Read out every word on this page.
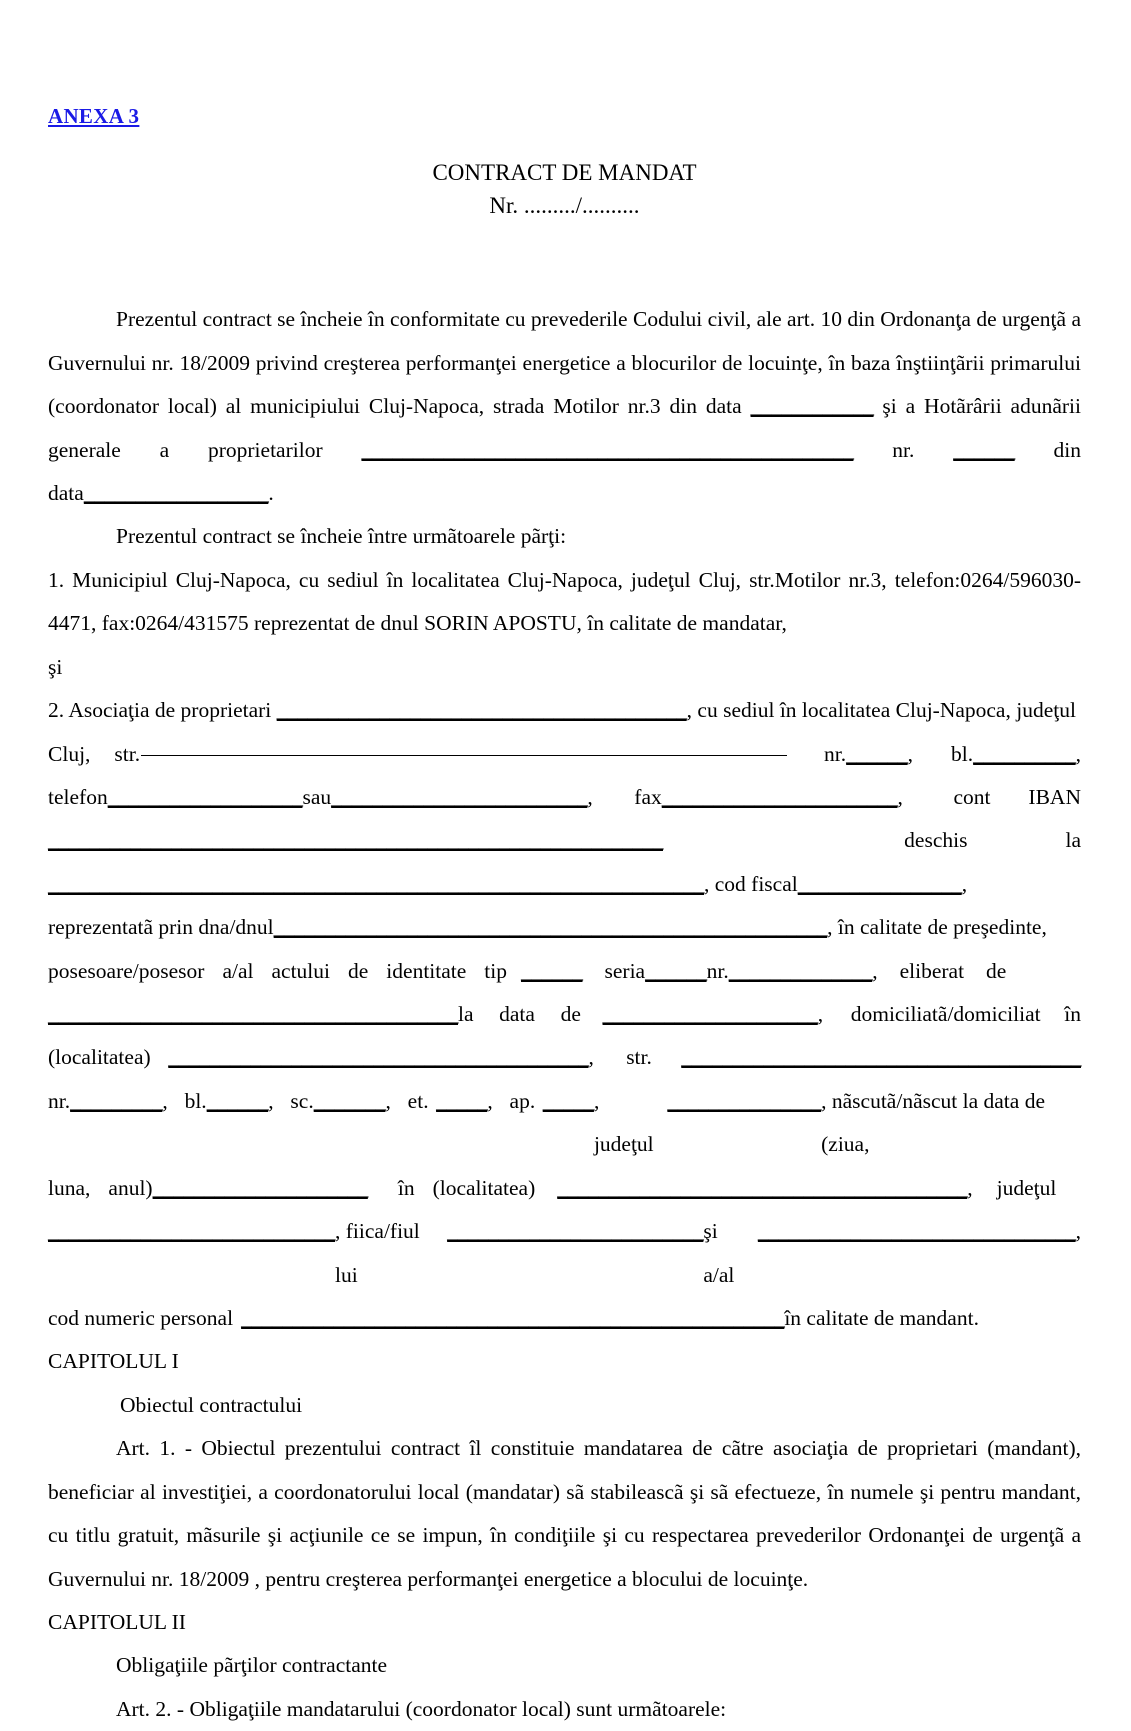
ANEXA 3
CONTRACT DE MANDAT
Nr. ........./..........

Prezentul contract se încheie în conformitate cu prevederile Codului civil, ale art. 10 din Ordonanţa de urgenţã a Guvernului nr. 18/2009 privind creşterea performanţei energetice a blocurilor de locuinţe, în baza înştiinţãrii primarului (coordonator local) al municipiului Cluj-Napoca, strada Motilor nr.3 din data ____________ şi a Hotãrârii adunãrii generale a proprietarilor ________________________________________________ nr. ______ din data__________________.

Prezentul contract se încheie între urmãtoarele pãrţi:

1. Municipiul Cluj-Napoca, cu sediul în localitatea Cluj-Napoca, judeţul Cluj, str.Motilor nr.3, telefon:0264/596030-4471, fax:0264/431575 reprezentat de dnul SORIN APOSTU, în calitate de mandatar,

şi

2. Asociaţia de proprietari ________________________________________, cu sediul în localitatea Cluj-Napoca, judeţul

Cluj, str.	nr. ______ , bl. __________ ,
telefon ___________________ sau _________________________ , fax _______________________ , cont IBAN
____________________________________________________________	deschis	la
________________________________________________________________ , cod fiscal ________________ ,
reprezentatã prin dna/dnul ______________________________________________________ , în calitate de preşedinte,
posesoare/posesor a/al actului de identitate tip ______ seria ______ nr. ______________ , eliberat de
________________________________________ la data de _____________________ , domiciliatã/domiciliat în
(localitatea) _________________________________________ , str. _______________________________________
nr. _________ , bl. ______ , sc. _______ , et. _____ , ap. _____ , judeţul
_______________ , nãscutã/nãscut la data de (ziua,
luna, anul) _____________________ în (localitatea) ________________________________________ , judeţul
____________________________ , fiica/fiul lui
_________________________ şi a/al
_______________________________ ,
cod numeric personal _____________________________________________________ în calitate de mandant.

CAPITOLUL I

Obiectul contractului

Art. 1. - Obiectul prezentului contract îl constituie mandatarea de cãtre asociaţia de proprietari (mandant), beneficiar al investiţiei, a coordonatorului local (mandatar) sã stabileascã şi sã efectueze, în numele şi pentru mandant, cu titlu gratuit, mãsurile şi acţiunile ce se impun, în condiţiile şi cu respectarea prevederilor Ordonanţei de urgenţã a Guvernului nr. 18/2009 , pentru creşterea performanţei energetice a blocului de locuinţe.

CAPITOLUL II

Obligaţiile pãrţilor contractante

Art. 2. - Obligaţiile mandatarului (coordonator local) sunt urmãtoarele:
